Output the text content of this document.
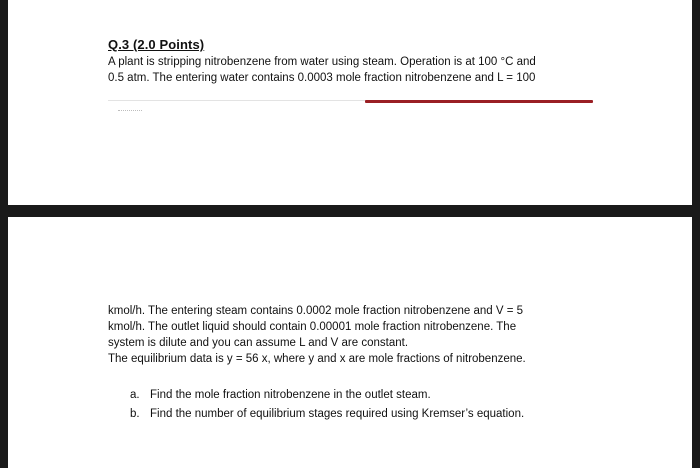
Q.3 (2.0 Points)
A plant is stripping nitrobenzene from water using steam. Operation is at 100 °C and
0.5 atm. The entering water contains 0.0003 mole fraction nitrobenzene and L = 100
kmol/h. The entering steam contains 0.0002 mole fraction nitrobenzene and V = 5
kmol/h. The outlet liquid should contain 0.00001 mole fraction nitrobenzene. The
system is dilute and you can assume L and V are constant.
The equilibrium data is y = 56 x, where y and x are mole fractions of nitrobenzene.
a. Find the mole fraction nitrobenzene in the outlet steam.
b. Find the number of equilibrium stages required using Kremser’s equation.
